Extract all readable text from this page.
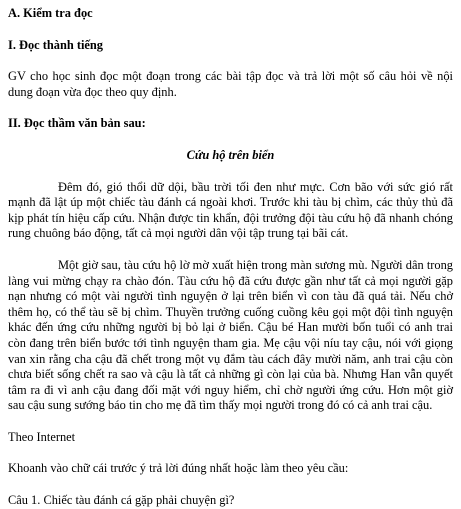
A. Kiểm tra đọc

I. Đọc thành tiếng

GV cho học sinh đọc một đoạn trong các bài tập đọc và trả lời một số câu hỏi về nội dung đoạn vừa đọc theo quy định.

II. Đọc thầm văn bản sau:

Cứu hộ trên biển

Đêm đó, gió thổi dữ dội, bầu trời tối đen như mực. Cơn bão với sức gió rất mạnh đã lật úp một chiếc tàu đánh cá ngoài khơi. Trước khi tàu bị chìm, các thủy thủ đã kịp phát tín hiệu cấp cứu. Nhận được tin khẩn, đội trưởng đội tàu cứu hộ đã nhanh chóng rung chuông báo động, tất cả mọi người dân vội tập trung tại bãi cát.

Một giờ sau, tàu cứu hộ lờ mờ xuất hiện trong màn sương mù. Người dân trong làng vui mừng chạy ra chào đón. Tàu cứu hộ đã cứu được gần như tất cả mọi người gặp nạn nhưng có một vài người tình nguyện ở lại trên biển vì con tàu đã quá tải. Nếu chở thêm họ, có thể tàu sẽ bị chìm. Thuyền trưởng cuống cuồng kêu gọi một đội tình nguyện khác đến ứng cứu những người bị bỏ lại ở biển. Cậu bé Han mười bốn tuổi có anh trai còn đang trên biển bước tới tình nguyện tham gia. Mẹ cậu vội níu tay cậu, nói với giọng van xin rằng cha cậu đã chết trong một vụ đắm tàu cách đây mười năm, anh trai cậu còn chưa biết sống chết ra sao và cậu là tất cả những gì còn lại của bà. Nhưng Han vẫn quyết tâm ra đi vì anh cậu đang đối mặt với nguy hiểm, chỉ chờ người ứng cứu. Hơn một giờ sau cậu sung sướng báo tin cho mẹ đã tìm thấy mọi người trong đó có cả anh trai cậu.

Theo Internet

Khoanh vào chữ cái trước ý trả lời đúng nhất hoặc làm theo yêu cầu:

Câu 1. Chiếc tàu đánh cá gặp phải chuyện gì?
